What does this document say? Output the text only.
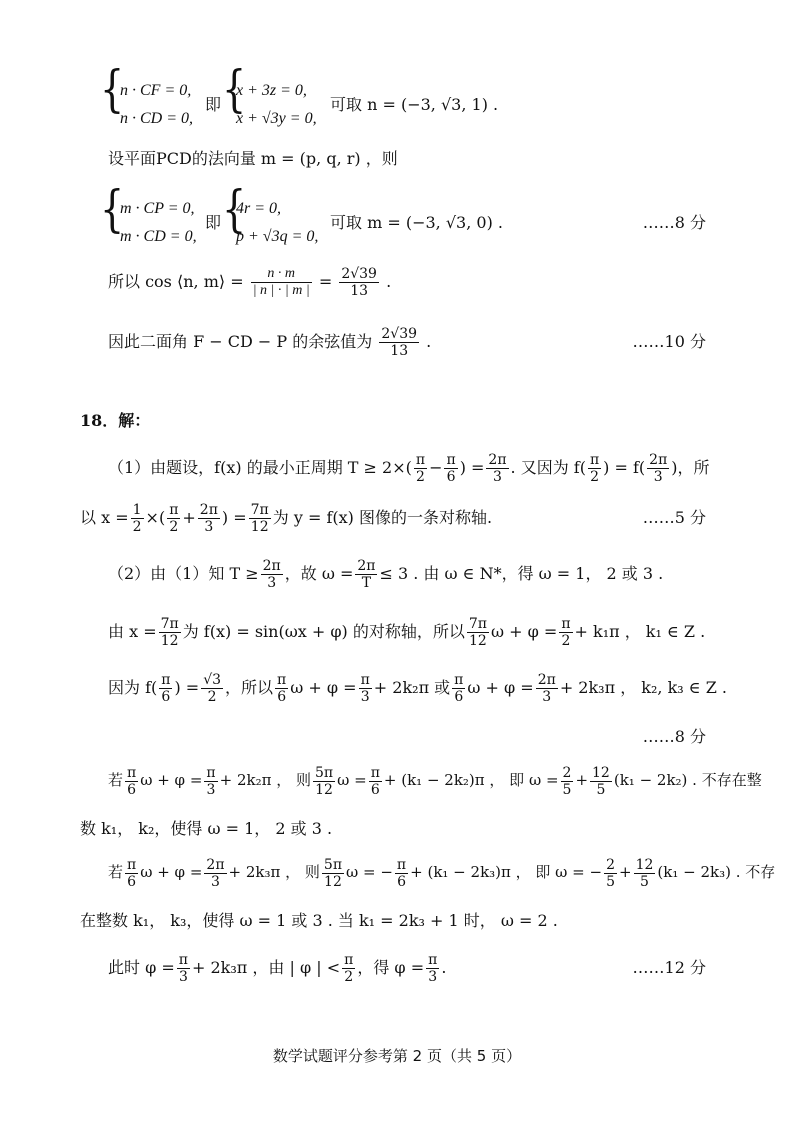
{
n · CF = 0,
n · CD = 0,
即 {
x + 3z = 0,
x + √3y = 0,
可取 n = (−3, √3, 1) .
设平面PCD的法向量 m = (p, q, r) ，则
{
m · CP = 0,
m · CD = 0,
即 {
4r = 0,
p + √3q = 0,
可取 m = (−3, √3, 0) .	……8 分
所以 cos ⟨n, m⟩ = $\frac{n \cdot m}{| n | \cdot | m |} = \frac{2√39}{13}$ .
因此二面角 F − CD − P 的余弦值为 $\frac{2√39}{13}$ .	……10 分
18．解：
（1）由题设，f(x) 的最小正周期 $T \ge 2\times( \frac{\pi}{2} - \frac{\pi}{6}$ ) = $\frac{2\pi}{3}$ . 又因为 $f( \frac{\pi}{2}$ ) = $f( \frac{2\pi}{3}$ )，所
以 $x = \frac{1}{2}$ ×( $\frac{\pi}{2} + \frac{2\pi}{3}$ ) = $\frac{7\pi}{12}$ 为 y = f(x) 图像的一条对称轴.	……5 分
（2）由（1）知 $T \ge \frac{2\pi}{3}$ ，故 $\omega = \frac{2\pi}{T} \le 3$ . 由 ω ∈ N*，得 ω = 1， 2 或 3 .
由 $x = \frac{7\pi}{12}$ 为 f(x) = sin(ωx + φ) 的对称轴，所以 $\frac{7\pi}{12}$ $\omega + \varphi = \frac{\pi}{2} + k_1\pi$ ， k₁ ∈ Z .
因为 $f( \frac{\pi}{6}$ ) = $\frac{√3}{2}$ ，所以 $\frac{\pi}{6}$ $\omega + \varphi = \frac{\pi}{3} + 2k_2\pi$ 或 $\frac{\pi}{6}$ $\omega + \varphi = \frac{2\pi}{3} + 2k_3\pi$ ， k₂, k₃ ∈ Z .
……8 分
若 $\frac{\pi}{6}$ $\omega + \varphi = \frac{\pi}{3} + 2k_2\pi$ ， 则 $\frac{5\pi}{12}$ $\omega = \frac{\pi}{6} + (k_1 - 2k_2)\pi$ ， 即 $\omega = \frac{2}{5} + \frac{12}{5} (k_1 - 2k_2)$ . 不存在整
数 k₁， k₂，使得 ω = 1， 2 或 3 .
若 $\frac{\pi}{6}$ $\omega + \varphi = \frac{2\pi}{3} + 2k_3\pi$ ， 则 $\frac{5\pi}{12}$ ω = − $\frac{\pi}{6} + (k_1 - 2k_3)\pi$ ， 即 ω = − $\frac{2}{5} + \frac{12}{5} (k_1 - 2k_3)$ . 不存
在整数 k₁， k₃，使得 ω = 1 或 3 . 当 k₁ = 2k₃ + 1 时， ω = 2 .
此时 $\varphi = \frac{\pi}{3} + 2k_3\pi$ ，由 | φ | < $\frac{\pi}{2}$ ，得 $\varphi = \frac{\pi}{3}$ .	……12 分
数学试题评分参考第 2 页（共 5 页）
